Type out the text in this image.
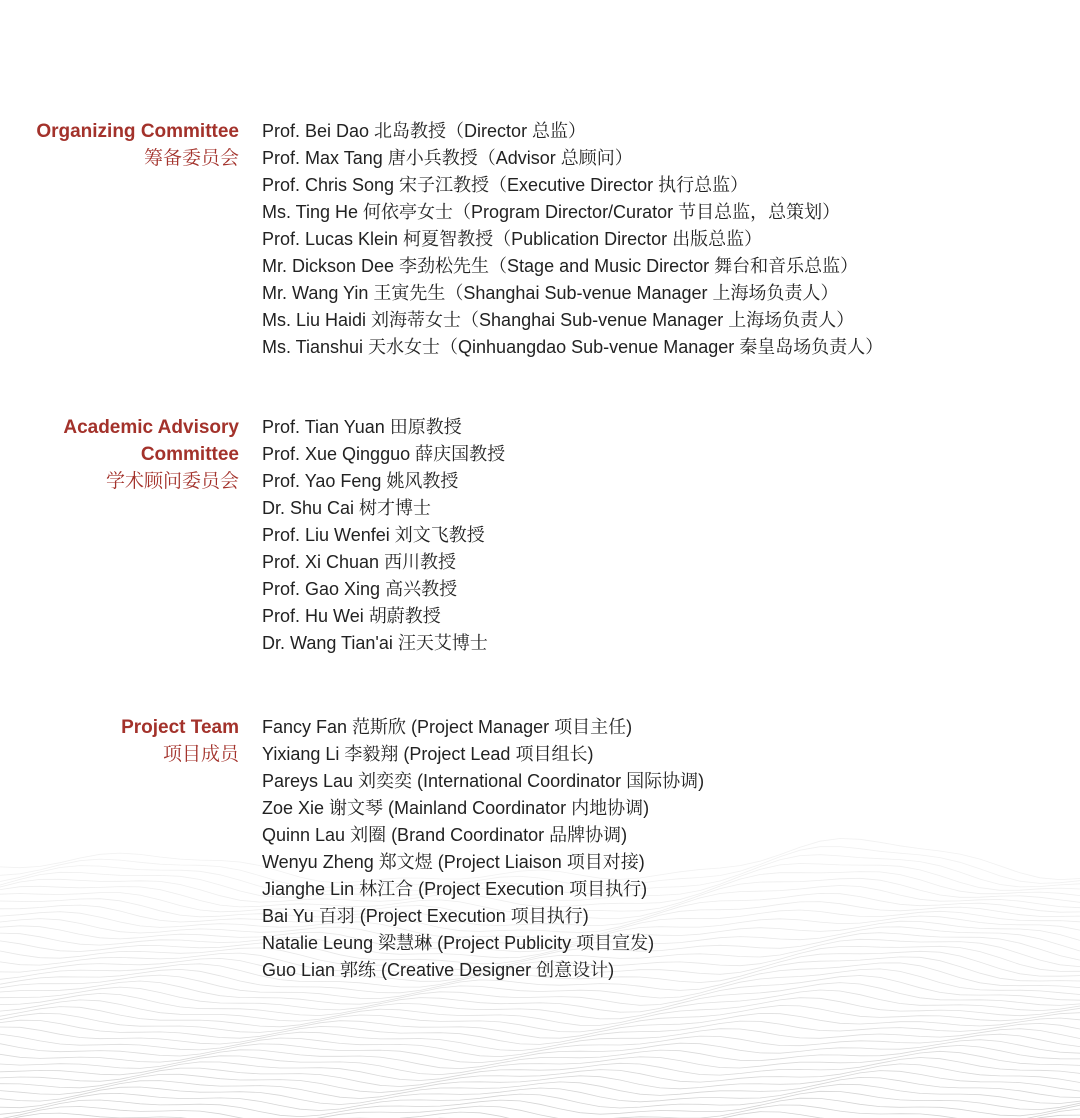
Organizing Committee
筹备委员会
Prof. Bei Dao 北岛教授（Director 总监）
Prof. Max Tang 唐小兵教授（Advisor 总顾问）
Prof. Chris Song 宋子江教授（Executive Director 执行总监）
Ms. Ting He 何依亭女士（Program Director/Curator 节目总监，总策划）
Prof. Lucas Klein 柯夏智教授（Publication Director 出版总监）
Mr. Dickson Dee 李劲松先生（Stage and Music Director 舞台和音乐总监）
Mr. Wang Yin 王寅先生（Shanghai Sub-venue Manager 上海场负责人）
Ms. Liu Haidi 刘海蒂女士（Shanghai Sub-venue Manager 上海场负责人）
Ms. Tianshui 天水女士（Qinhuangdao Sub-venue Manager 秦皇岛场负责人）
Academic Advisory
Committee
学术顾问委员会
Prof. Tian Yuan 田原教授
Prof. Xue Qingguo 薛庆国教授
Prof. Yao Feng 姚风教授
Dr. Shu Cai 树才博士
Prof. Liu Wenfei 刘文飞教授
Prof. Xi Chuan 西川教授
Prof. Gao Xing 高兴教授
Prof. Hu Wei 胡蔚教授
Dr. Wang Tian'ai 汪天艾博士
Project Team
项目成员
Fancy Fan 范斯欣 (Project Manager 项目主任)
Yixiang Li 李毅翔 (Project Lead 项目组长)
Pareys Lau 刘奕奕 (International Coordinator 国际协调)
Zoe Xie 谢文琴 (Mainland Coordinator 内地协调)
Quinn Lau 刘圈 (Brand Coordinator 品牌协调)
Wenyu Zheng 郑文煜 (Project Liaison 项目对接)
Jianghe Lin 林江合 (Project Execution 项目执行)
Bai Yu 百羽 (Project Execution 项目执行)
Natalie Leung 梁慧琳 (Project Publicity 项目宣发)
Guo Lian 郭练 (Creative Designer 创意设计)
